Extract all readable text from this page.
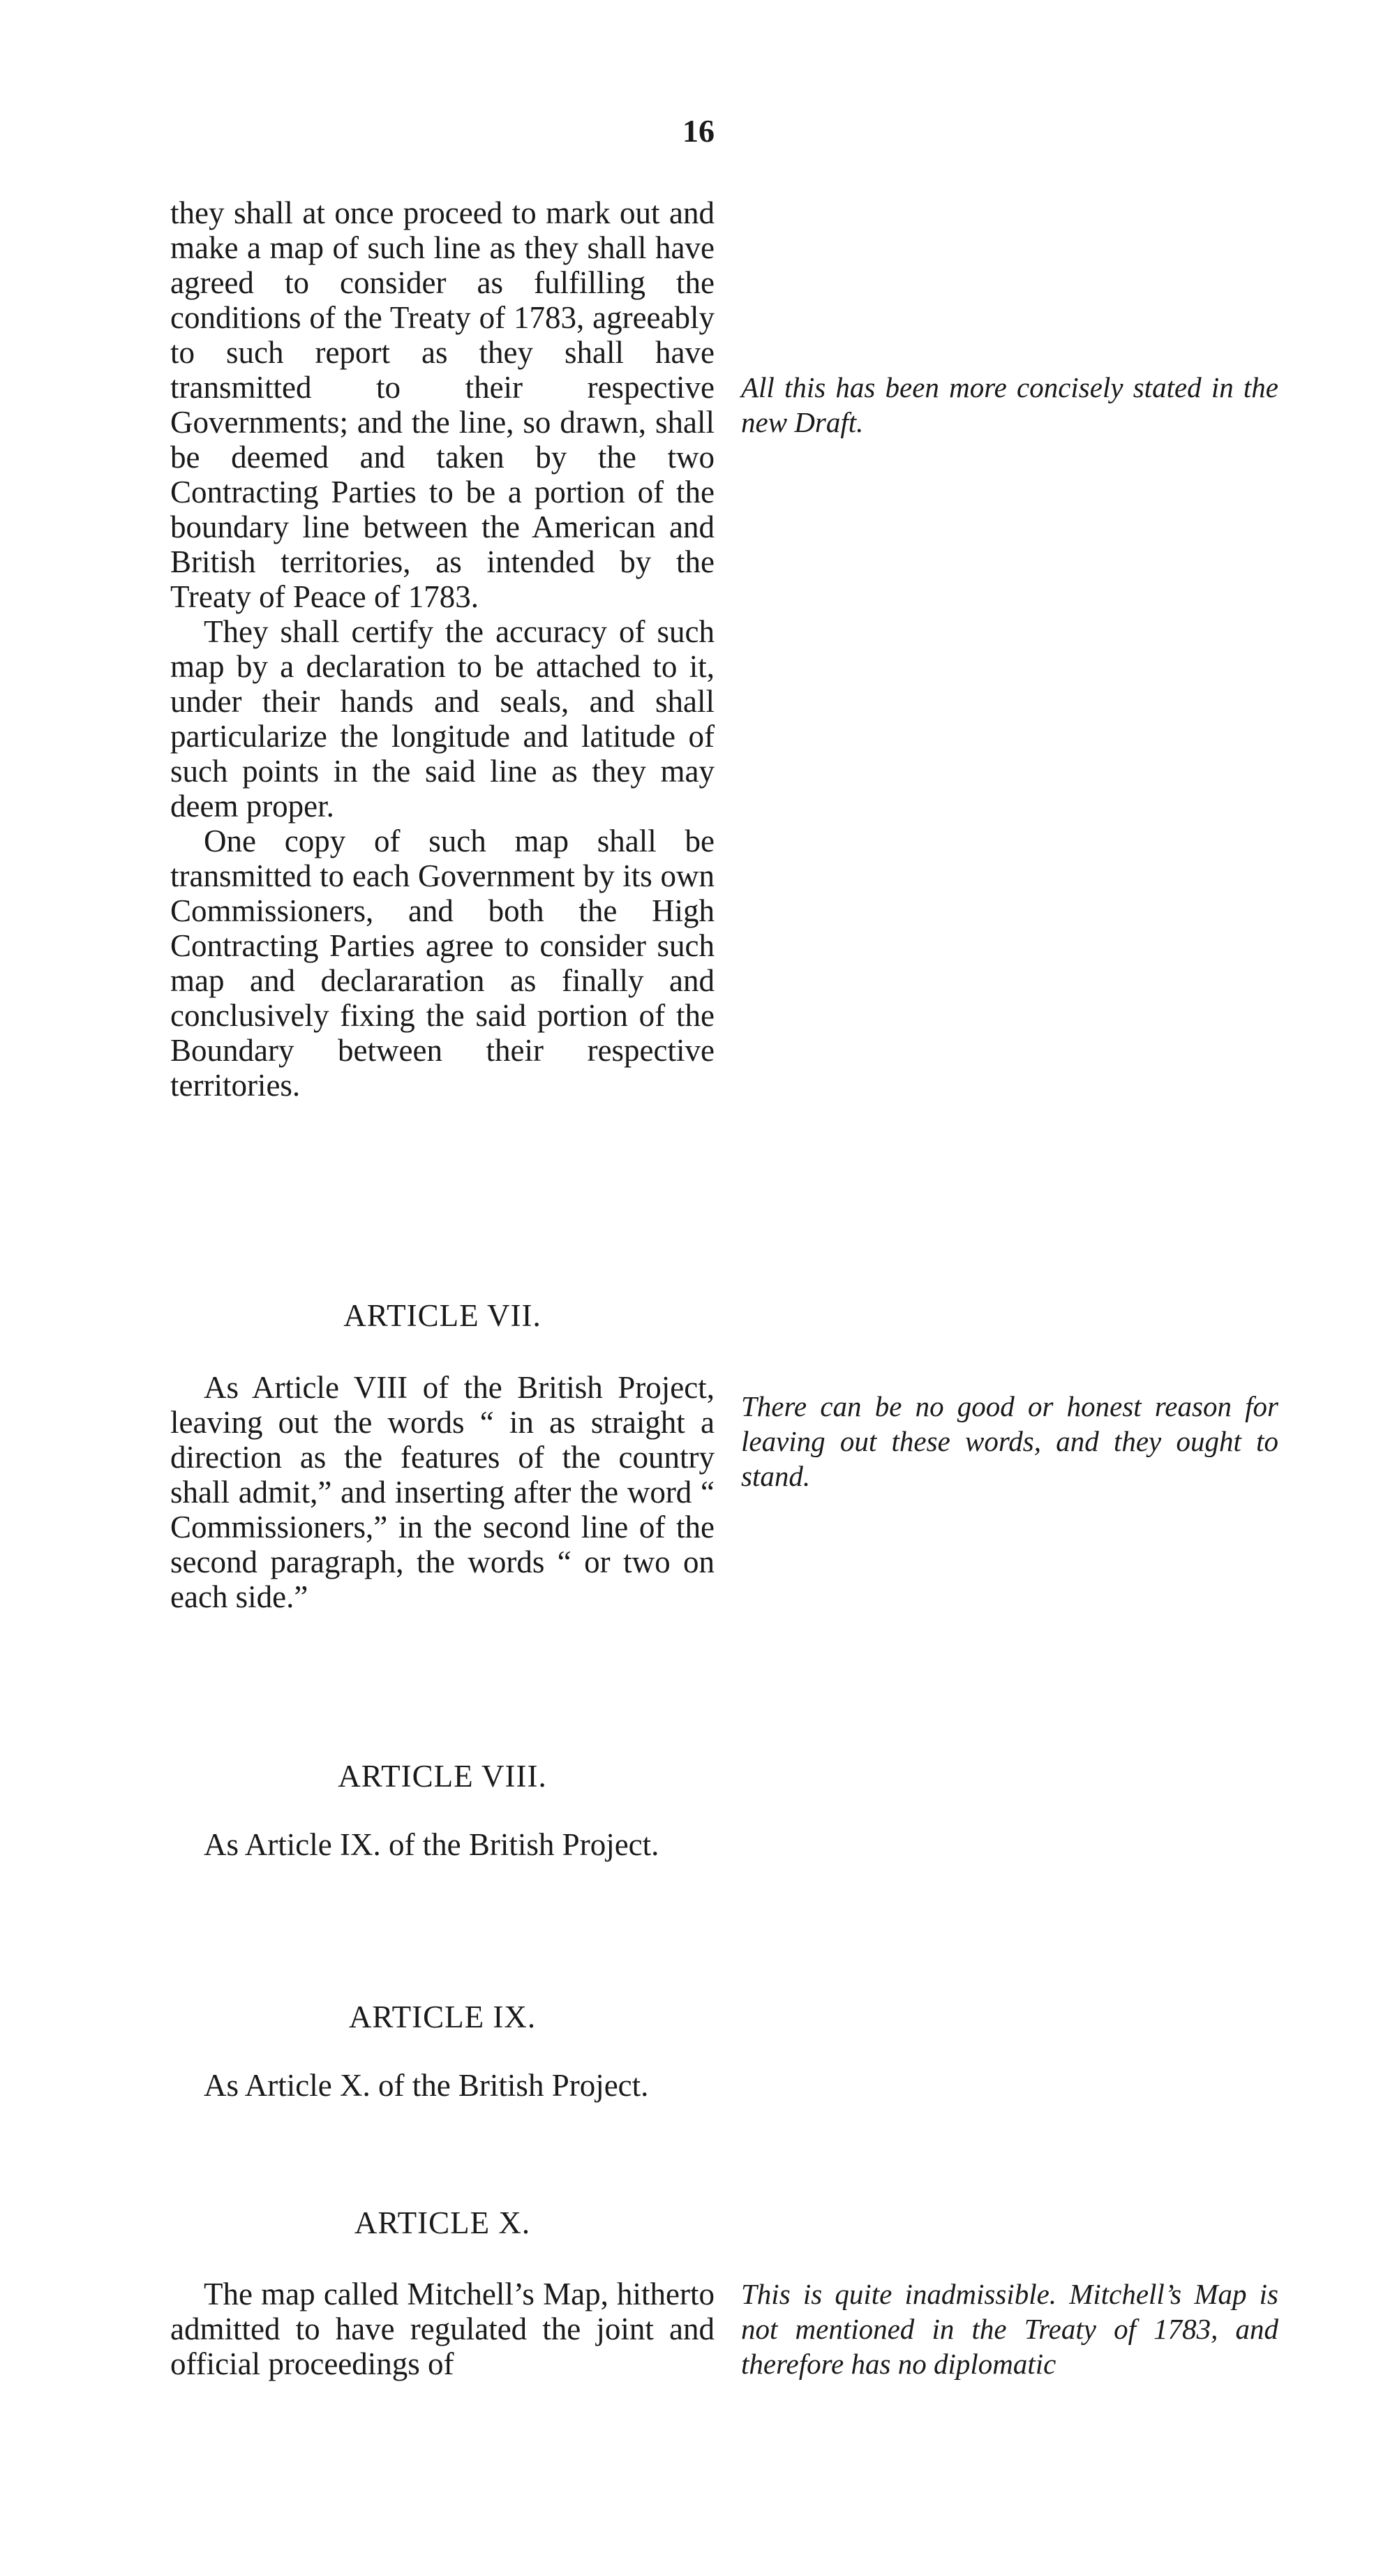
16

they shall at once proceed to mark out and make a map of such line as they shall have agreed to consider as fulfilling the conditions of the Treaty of 1783, agreeably to such report as they shall have transmitted to their respective Governments; and the line, so drawn, shall be deemed and taken by the two Contracting Parties to be a portion of the boundary line between the American and British territories, as intended by the Treaty of Peace of 1783.

They shall certify the accuracy of such map by a declaration to be attached to it, under their hands and seals, and shall particularize the longitude and latitude of such points in the said line as they may deem proper.

One copy of such map shall be transmitted to each Government by its own Commissioners, and both the High Contracting Parties agree to consider such map and declararation as finally and conclusively fixing the said portion of the Boundary between their respective territories.

All this has been more concisely stated in the new Draft.

ARTICLE VII.

As Article VIII of the British Project, leaving out the words “ in as straight a direction as the features of the country shall admit,” and inserting after the word “ Commissioners,” in the second line of the second paragraph, the words “ or two on each side.”

There can be no good or honest reason for leaving out these words, and they ought to stand.

ARTICLE VIII.

As Article IX. of the British Project.

ARTICLE IX.

As Article X. of the British Project.

ARTICLE X.

The map called Mitchell’s Map, hitherto admitted to have regulated the joint and official proceedings of

This is quite inadmissible. Mitchell’s Map is not mentioned in the Treaty of 1783, and therefore has no diplomatic
